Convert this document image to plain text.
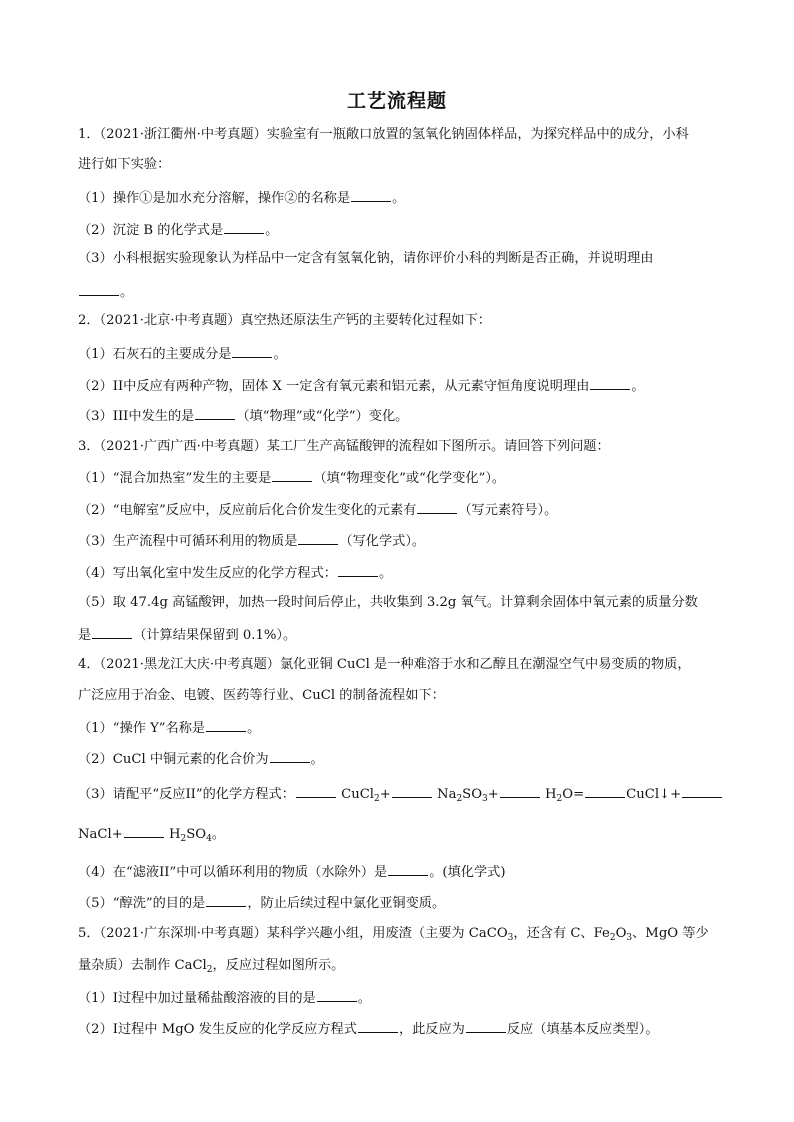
工艺流程题
1．（2021·浙江衢州·中考真题）实验室有一瓶敞口放置的氢氧化钠固体样品，为探究样品中的成分，小科
进行如下实验：
（1）操作①是加水充分溶解，操作②的名称是	。
（2）沉淀 B 的化学式是	。
（3）小科根据实验现象认为样品中一定含有氢氧化钠，请你评价小科的判断是否正确，并说明理由
。
2．（2021·北京·中考真题）真空热还原法生产钙的主要转化过程如下：
（1）石灰石的主要成分是	。
（2）II中反应有两种产物，固体 X 一定含有氧元素和铝元素，从元素守恒角度说明理由	。
（3）III中发生的是	（填“物理”或“化学”）变化。
3．（2021·广西广西·中考真题）某工厂生产高锰酸钾的流程如下图所示。请回答下列问题：
（1）“混合加热室”发生的主要是	（填“物理变化”或“化学变化”）。
（2）“电解室”反应中，反应前后化合价发生变化的元素有	（写元素符号）。
（3）生产流程中可循环利用的物质是	（写化学式）。
（4）写出氧化室中发生反应的化学方程式：	。
（5）取 47.4g 高锰酸钾，加热一段时间后停止，共收集到 3.2g 氧气。计算剩余固体中氧元素的质量分数
是	（计算结果保留到 0.1%）。
4．（2021·黑龙江大庆·中考真题）氯化亚铜 CuCl 是一种难溶于水和乙醇且在潮湿空气中易变质的物质，
广泛应用于冶金、电镀、医药等行业、CuCl 的制备流程如下：
（1）“操作 Y”名称是	。
（2）CuCl 中铜元素的化合价为	。
（3）请配平“反应II”的化学方程式：	CuCl$_2$+	$Na_2SO_3+$	$H_2O=$	CuCl↓+
NaCl+	$H_2SO_4$。
（4）在“滤液II”中可以循环利用的物质（水除外）是	。(填化学式)
（5）“醇洗”的目的是	，防止后续过程中氯化亚铜变质。
5．（2021·广东深圳·中考真题）某科学兴趣小组，用废渣（主要为 CaCO$_3$，还含有 C、$Fe_2O_3$、MgO 等少
量杂质）去制作 CaCl$_2$，反应过程如图所示。
（1）I过程中加过量稀盐酸溶液的目的是	。
（2）I过程中 MgO 发生反应的化学反应方程式	，此反应为	反应（填基本反应类型）。
